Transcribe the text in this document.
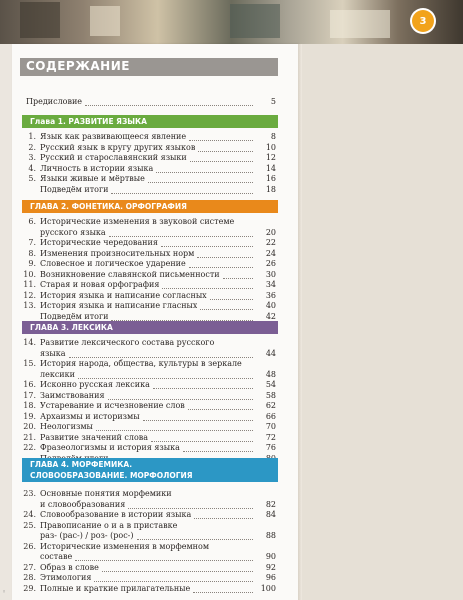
3
СОДЕРЖАНИЕ
Предисловие	5
Глава 1. РАЗВИТИЕ ЯЗЫКА
1. Язык как развивающееся явление	8
2. Русский язык в кругу других языков	10
3. Русский и старославянский языки	12
4. Личность в истории языка	14
5. Языки живые и мёртвые	16
Подведём итоги	18
ГЛАВА 2. ФОНЕТИКА. ОРФОГРАФИЯ
6. Исторические изменения в звуковой системе
русского языка	20
7. Исторические чередования	22
8. Изменения произносительных норм	24
9. Словесное и логическое ударение	26
10. Возникновение славянской письменности	30
11. Старая и новая орфография	34
12. История языка и написание согласных	36
13. История языка и написание гласных	40
Подведём итоги	42
ГЛАВА 3. ЛЕКСИКА
14. Развитие лексического состава русского
языка	44
15. История народа, общества, культуры в зеркале
лексики	48
16. Исконно русская лексика	54
17. Заимствования	58
18. Устаревание и исчезновение слов	62
19. Архаизмы и историзмы	66
20. Неологизмы	70
21. Развитие значений слова	72
22. Фразеологизмы и история языка	76
ГЛАВА 4. МОРФЕМИКА.
СЛОВООБРАЗОВАНИЕ. МОРФОЛОГИЯ
23. Основные понятия морфемики
и словообразования	82
24. Словообразование в истории языка	84
25. Правописание о и а в приставке
раз- (рас-) / роз- (рос-)	88
26. Исторические изменения в морфемном
составе	90
27. Образ в слове	92
28. Этимология	96
29. Полные и краткие прилагательные	100
◦
